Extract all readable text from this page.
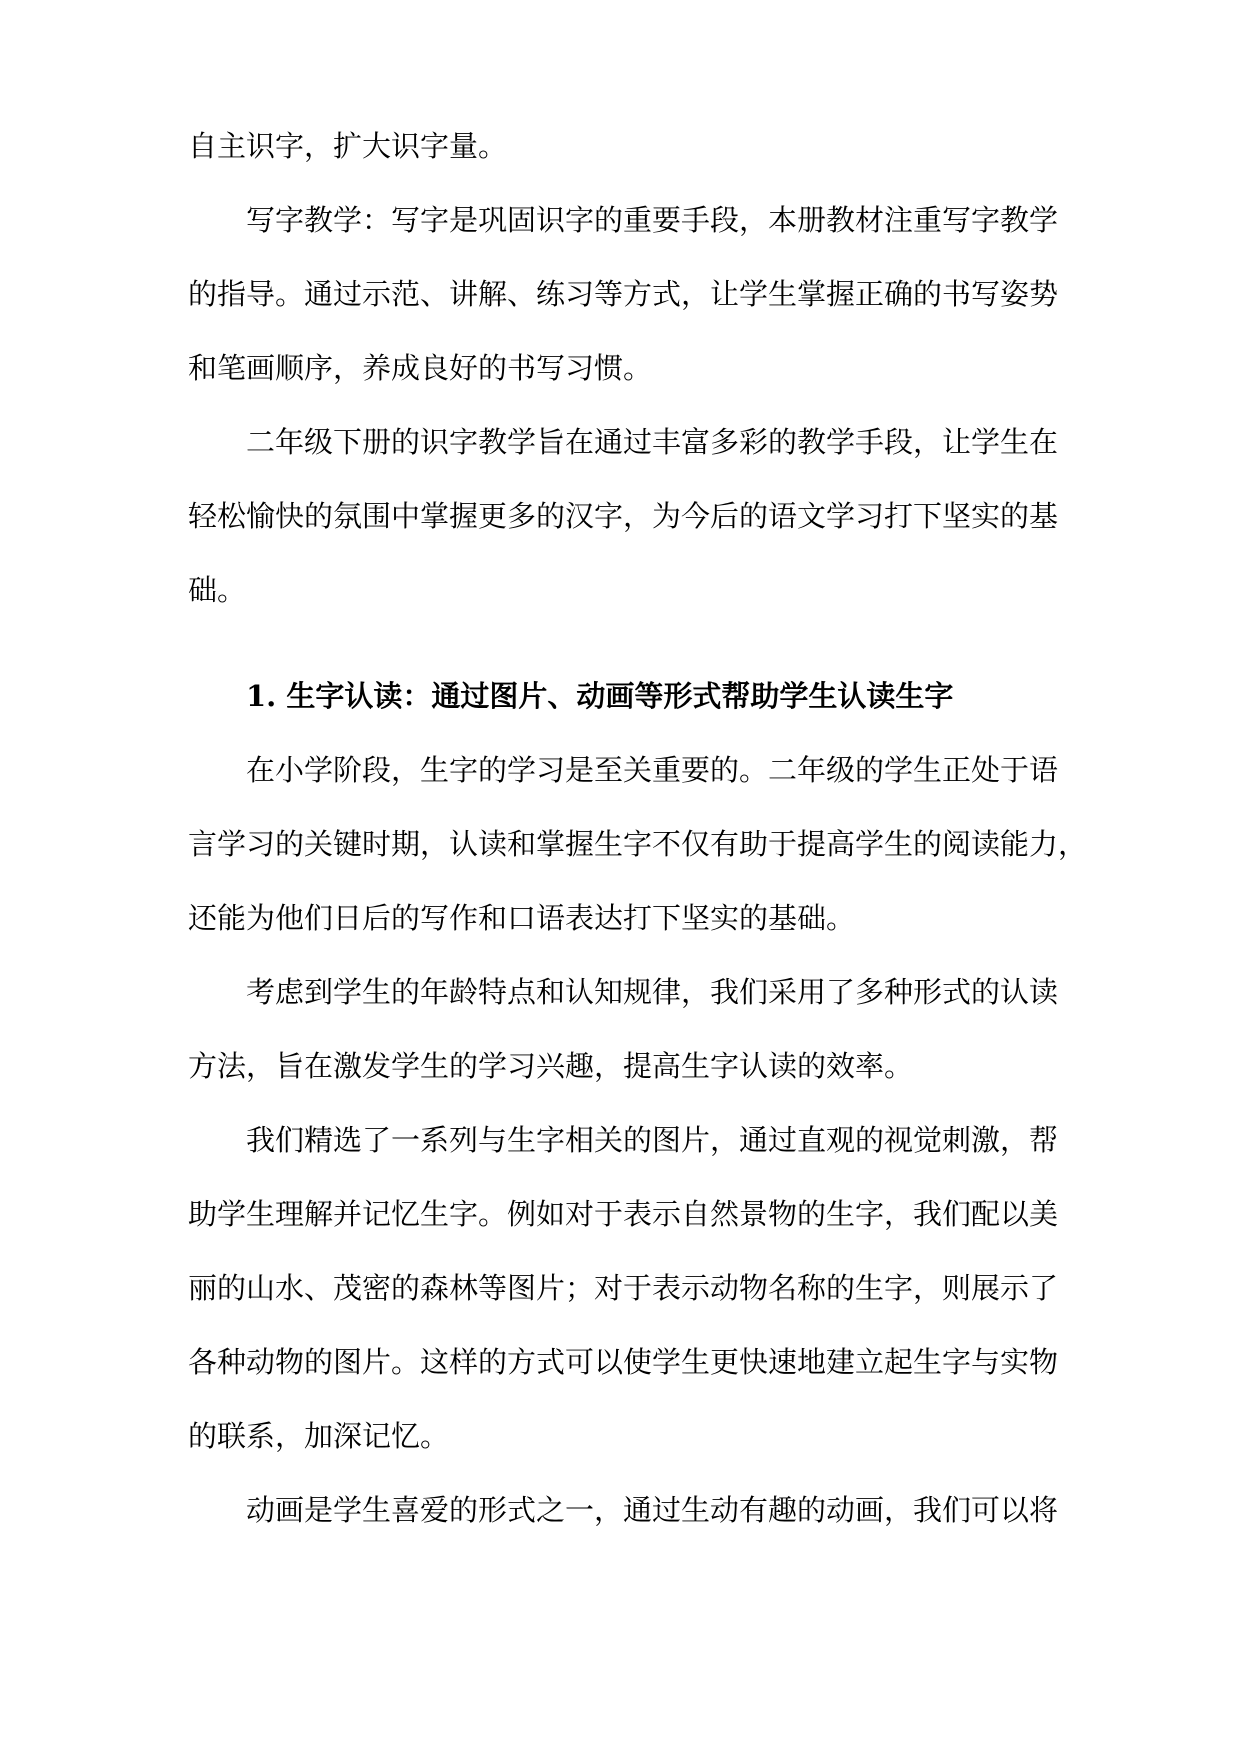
自主识字，扩大识字量。
写字教学：写字是巩固识字的重要手段，本册教材注重写字教学
的指导。通过示范、讲解、练习等方式，让学生掌握正确的书写姿势
和笔画顺序，养成良好的书写习惯。
二年级下册的识字教学旨在通过丰富多彩的教学手段，让学生在
轻松愉快的氛围中掌握更多的汉字，为今后的语文学习打下坚实的基
础。
1. 生字认读：通过图片、动画等形式帮助学生认读生字
在小学阶段，生字的学习是至关重要的。二年级的学生正处于语
言学习的关键时期，认读和掌握生字不仅有助于提高学生的阅读能力，
还能为他们日后的写作和口语表达打下坚实的基础。
考虑到学生的年龄特点和认知规律，我们采用了多种形式的认读
方法，旨在激发学生的学习兴趣，提高生字认读的效率。
我们精选了一系列与生字相关的图片，通过直观的视觉刺激，帮
助学生理解并记忆生字。例如对于表示自然景物的生字，我们配以美
丽的山水、茂密的森林等图片；对于表示动物名称的生字，则展示了
各种动物的图片。这样的方式可以使学生更快速地建立起生字与实物
的联系，加深记忆。
动画是学生喜爱的形式之一，通过生动有趣的动画，我们可以将
